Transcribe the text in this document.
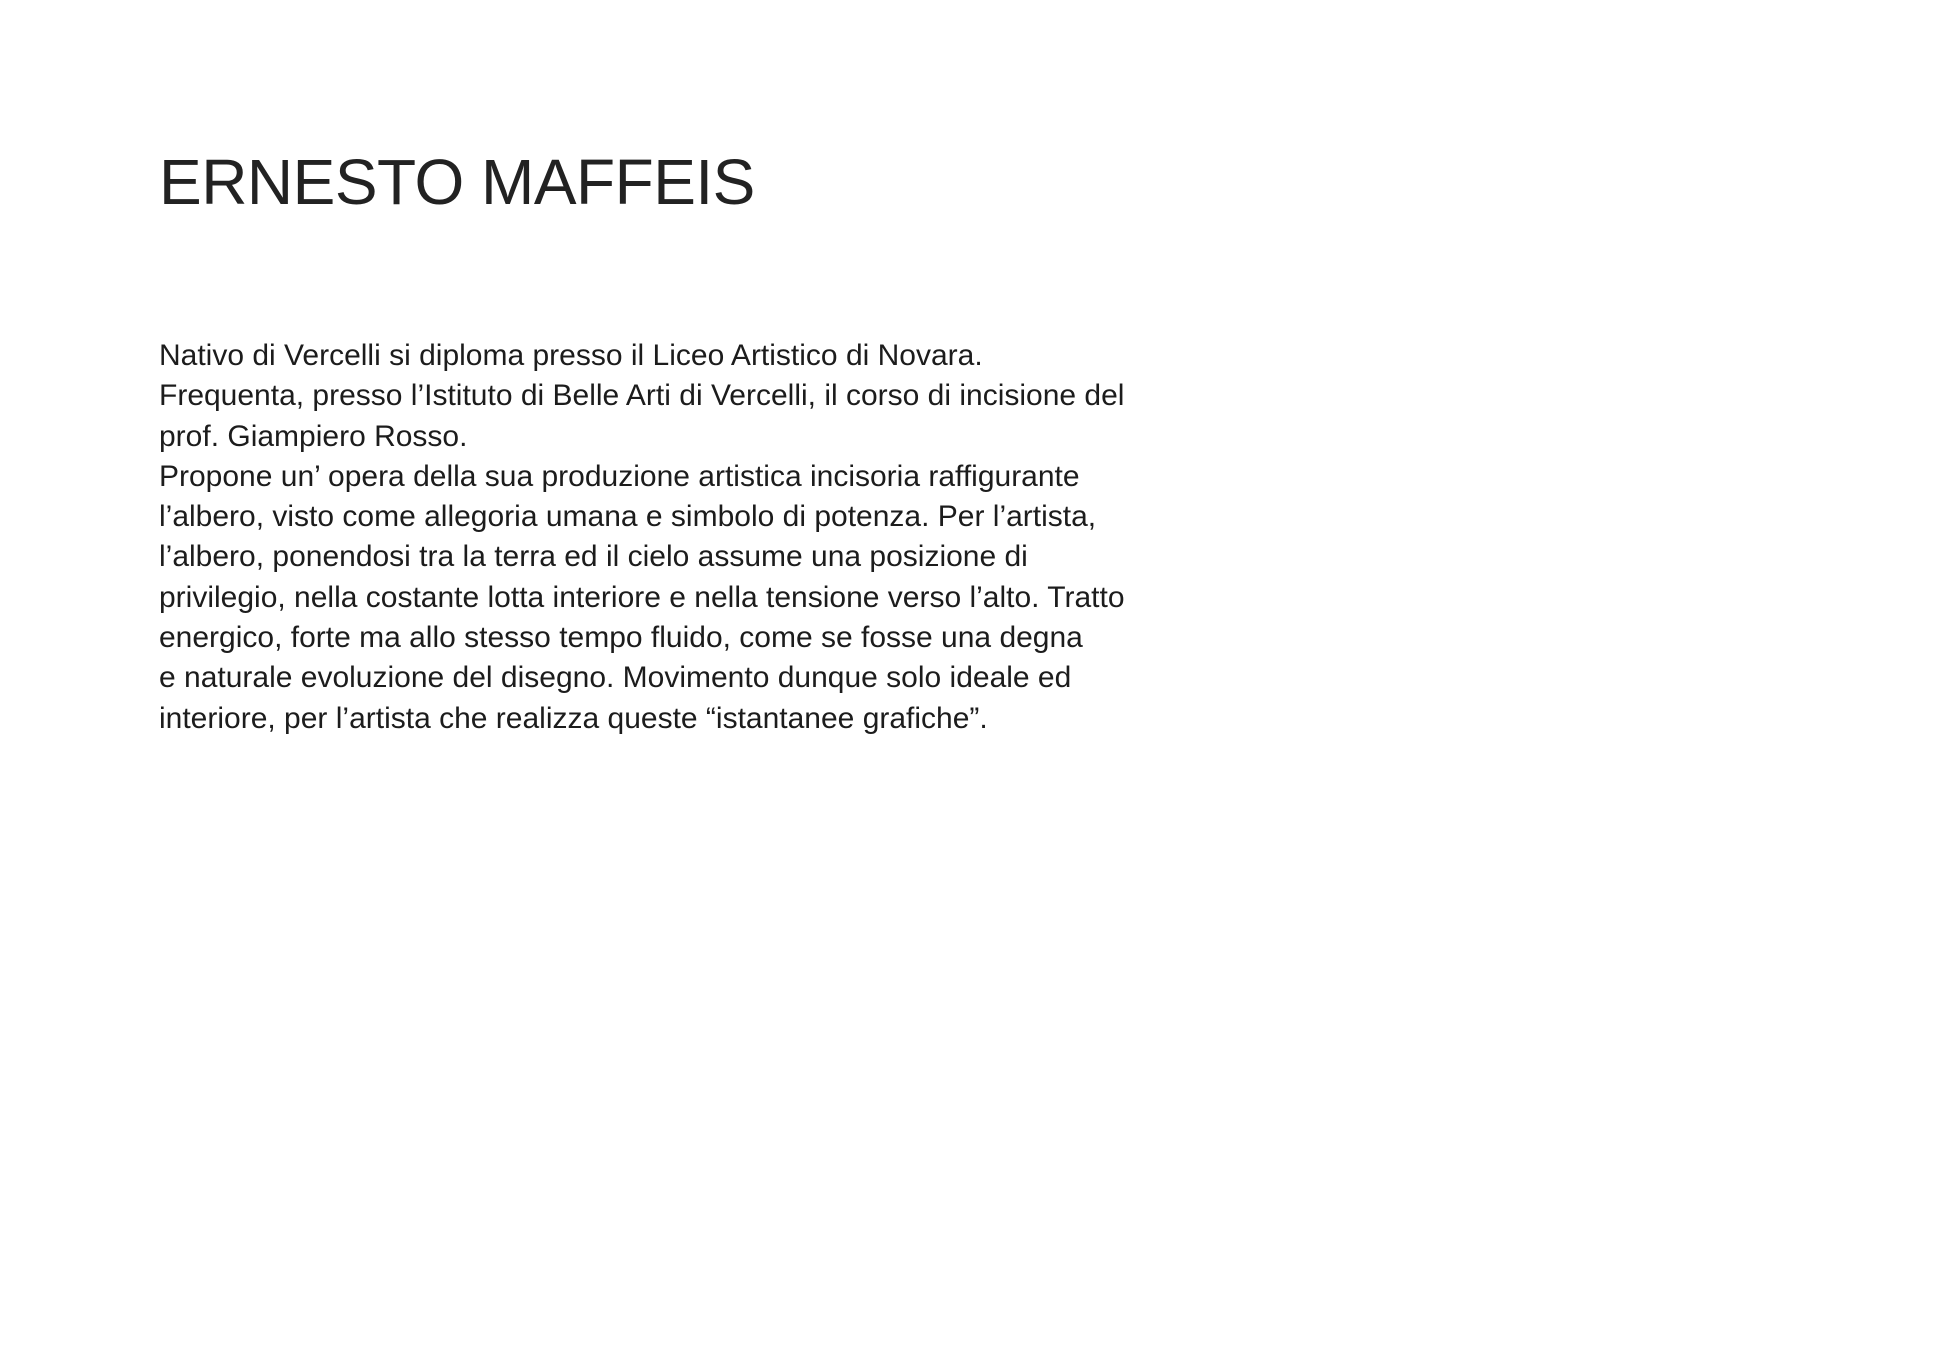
ERNESTO MAFFEIS
Nativo di Vercelli si diploma presso il Liceo Artistico di Novara.
Frequenta, presso l’Istituto di Belle Arti di Vercelli, il corso di incisione del
prof. Giampiero Rosso.
Propone un’ opera della sua produzione artistica incisoria raffigurante
l’albero, visto come allegoria umana e simbolo di potenza. Per l’artista,
l’albero, ponendosi tra la terra ed il cielo assume una posizione di
privilegio, nella costante lotta interiore e nella tensione verso l’alto. Tratto
energico, forte ma allo stesso tempo fluido, come se fosse una degna
e naturale evoluzione del disegno. Movimento dunque solo ideale ed
interiore, per l’artista che realizza queste “istantanee grafiche”.
